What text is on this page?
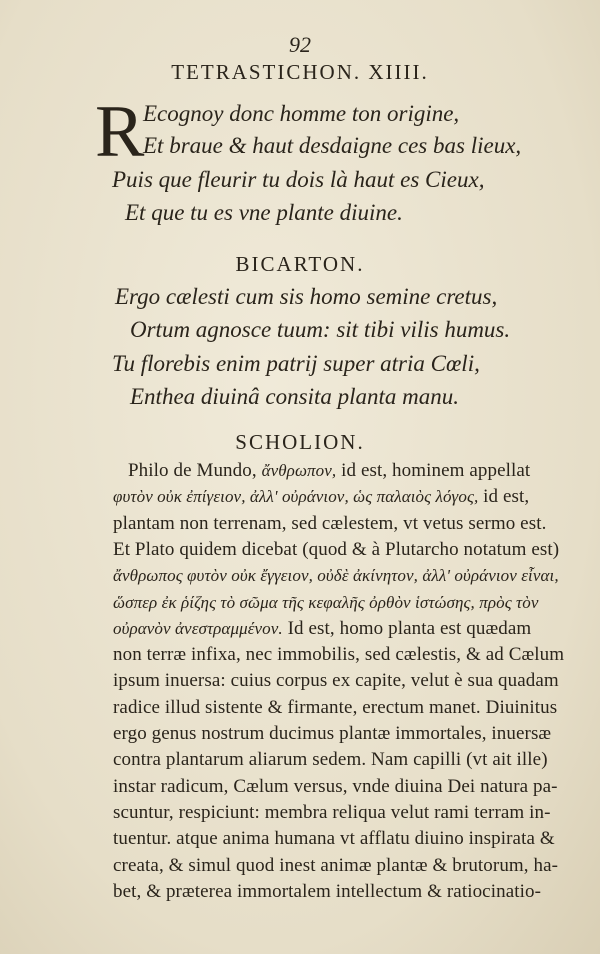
92
TETRASTICHON. XIIII.
R
Ecognoy donc homme ton origine,
Et braue & haut desdaigne ces bas lieux,
Puis que fleurir tu dois là haut es Cieux,
Et que tu es vne plante diuine.
BICARTON.
Ergo cælesti cum sis homo semine cretus,
Ortum agnosce tuum: sit tibi vilis humus.
Tu florebis enim patrij super atria Cœli,
Enthea diuinâ consita planta manu.
SCHOLION.
Philo de Mundo, ἄνθρωπον, id est, hominem appellat
φυτὸν οὐκ ἐπίγειον, ἀλλ' οὐράνιον, ὡς παλαιὸς λόγος, id est,
plantam non terrenam, sed cælestem, vt vetus sermo est.
Et Plato quidem dicebat (quod & à Plutarcho notatum est)
ἄνθρωπος φυτὸν οὐκ ἔγγειον, οὐδὲ ἀκίνητον, ἀλλ' οὐράνιον εἶναι,
ὥσπερ ἐκ ῥίζης τὸ σῶμα τῆς κεφαλῆς ὀρθὸν ἱστώσης, πρὸς τὸν
οὐρανὸν ἀνεστραμμένον. Id est, homo planta est quædam
non terræ infixa, nec immobilis, sed cælestis, & ad Cælum
ipsum inuersa: cuius corpus ex capite, velut è sua quadam
radice illud sistente & firmante, erectum manet. Diuinitus
ergo genus nostrum ducimus plantæ immortales, inuersæ
contra plantarum aliarum sedem. Nam capilli (vt ait ille)
instar radicum, Cælum versus, vnde diuina Dei natura pa-
scuntur, respiciunt: membra reliqua velut rami terram in-
tuentur. atque anima humana vt afflatu diuino inspirata &
creata, & simul quod inest animæ plantæ & brutorum, ha-
bet, & præterea immortalem intellectum & ratiocinatio-
